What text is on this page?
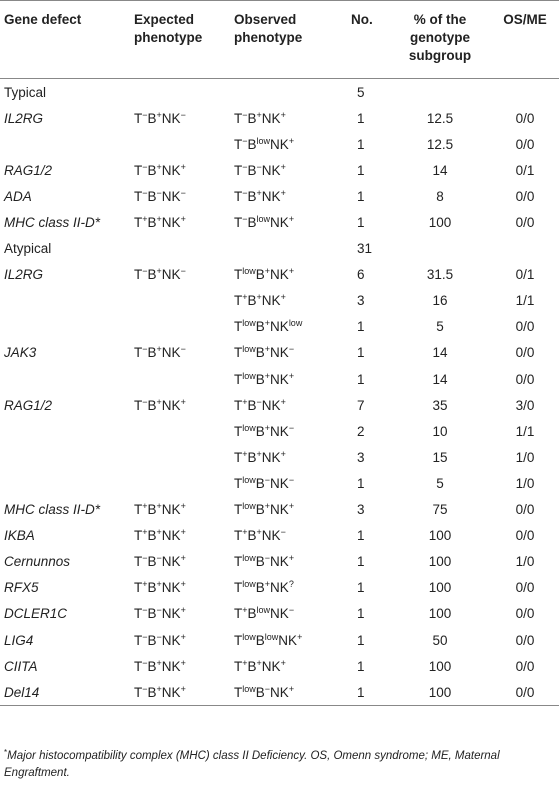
Gene defect	Expected phenotype	Observed phenotype	No.	% of the genotype subgroup	OS/ME
Typical			5		
IL2RG	T−B+NK−	T−B+NK+	1	12.5	0/0
		$T^-B^{low}NK^+$	1	12.5	0/0
RAG1/2	T−B+NK+	T−B−NK+	1	14	0/1
ADA	T−B−NK−	T−B+NK+	1	8	0/0
MHC class II-D*	T+B+NK+	$T^-B^{low}NK^+$	1	100	0/0
Atypical			31		
IL2RG	T−B+NK−	$T^{low}B^+NK^+$	6	31.5	0/1
		T+B+NK+	3	16	1/1
		$T^{low}B^+NK^{low}$	1	5	0/0
JAK3	T−B+NK−	$T^{low}B^+NK^-$	1	14	0/0
		$T^{low}B^+NK^+$	1	14	0/0
RAG1/2	T−B+NK+	T+B−NK+	7	35	3/0
		$T^{low}B^+NK^-$	2	10	1/1
		T+B+NK+	3	15	1/0
		$T^{low}B^-NK^-$	1	5	1/0
MHC class II-D*	T+B+NK+	$T^{low}B^+NK^+$	3	75	0/0
IKBA	T+B+NK+	T+B+NK−	1	100	0/0
Cernunnos	T−B−NK+	$T^{low}B^-NK^+$	1	100	1/0
RFX5	T+B+NK+	$T^{low}B^+NK^?$	1	100	0/0
DCLER1C	T−B−NK+	$T^+B^{low}NK^-$	1	100	0/0
LIG4	T−B−NK+	$T^{low}B^{low}NK^+$	1	50	0/0
CIITA	T−B+NK+	T+B+NK+	1	100	0/0
Del14	T−B+NK+	$T^{low}B^-NK^+$	1	100	0/0
*Major histocompatibility complex (MHC) class II Deficiency. OS, Omenn syndrome; ME, Maternal Engraftment.
